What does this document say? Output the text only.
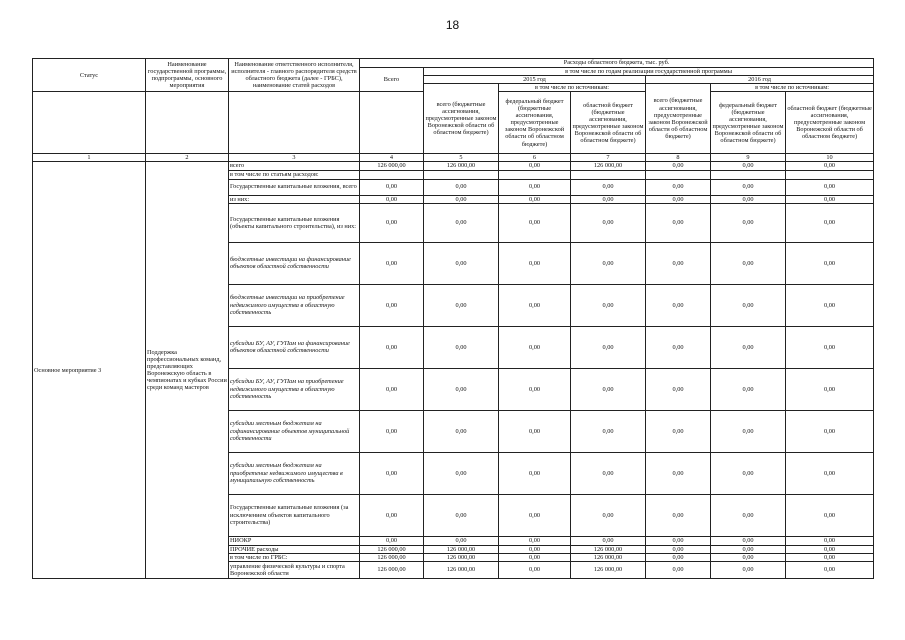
18
Статус	Наименование государственной программы, подпрограммы, основного мероприятия	Наименование ответственного исполнителя, исполнителя - главного распорядителя средств областного бюджета (далее - ГРБС), наименование статей расходов	Расходы областного бюджета, тыс. руб.						
			Всего	в том числе по годам реализации государственной программы					
				2015 год			2016 год		
				всего (бюджетные ассигнования, предусмотренные законом Воронежской области об областном бюджете)	в том числе по источникам:		всего (бюджетные ассигнования, предусмотренные законом Воронежской области об областном бюджете)	в том числе по источникам:	
					федеральный бюджет (бюджетные ассигнования, предусмотренные законом Воронежской области об областном бюджете)	областной бюджет (бюджетные ассигнования, предусмотренные законом Воронежской области об областном бюджете)		федеральный бюджет (бюджетные ассигнования, предусмотренные законом Воронежской области об областном бюджете)	областной бюджет (бюджетные ассигнования, предусмотренные законом Воронежской области об областном бюджете)
1	2	3	4	5	6	7	8	9	10
Основное мероприятие 3	Поддержка профессиональных команд, представляющих Воронежскую область в чемпионатах и кубках России среди команд мастеров	всего	126 000,00	126 000,00	0,00	126 000,00	0,00	0,00	0,00
		в том числе по статьям расходов:							
		Государственные капитальные вложения, всего	0,00	0,00	0,00	0,00	0,00	0,00	0,00
		из них:	0,00	0,00	0,00	0,00	0,00	0,00	0,00
		Государственные капитальные вложения (объекты капитального строительства), из них:	0,00	0,00	0,00	0,00	0,00	0,00	0,00
		бюджетные инвестиции на финансирование объектов областной собственности	0,00	0,00	0,00	0,00	0,00	0,00	0,00
		бюджетные инвестиции на приобретение недвижимого имущества в областную собственность	0,00	0,00	0,00	0,00	0,00	0,00	0,00
		субсидии БУ, АУ, ГУПам на финансирование объектов областной собственности	0,00	0,00	0,00	0,00	0,00	0,00	0,00
		субсидии БУ, АУ, ГУПам на приобретение недвижимого имущества в областную собственность	0,00	0,00	0,00	0,00	0,00	0,00	0,00
		субсидии местным бюджетам на софинансирование объектов муниципальной собственности	0,00	0,00	0,00	0,00	0,00	0,00	0,00
		субсидии местным бюджетам на приобретение недвижимого имущества в муниципальную собственность	0,00	0,00	0,00	0,00	0,00	0,00	0,00
		Государственные капитальные вложения (за исключением объектов капитального строительства)	0,00	0,00	0,00	0,00	0,00	0,00	0,00
		НИОКР	0,00	0,00	0,00	0,00	0,00	0,00	0,00
		ПРОЧИЕ расходы	126 000,00	126 000,00	0,00	126 000,00	0,00	0,00	0,00
		в том числе по ГРБС:	126 000,00	126 000,00	0,00	126 000,00	0,00	0,00	0,00
		управление физической культуры и спорта Воронежской области	126 000,00	126 000,00	0,00	126 000,00	0,00	0,00	0,00
